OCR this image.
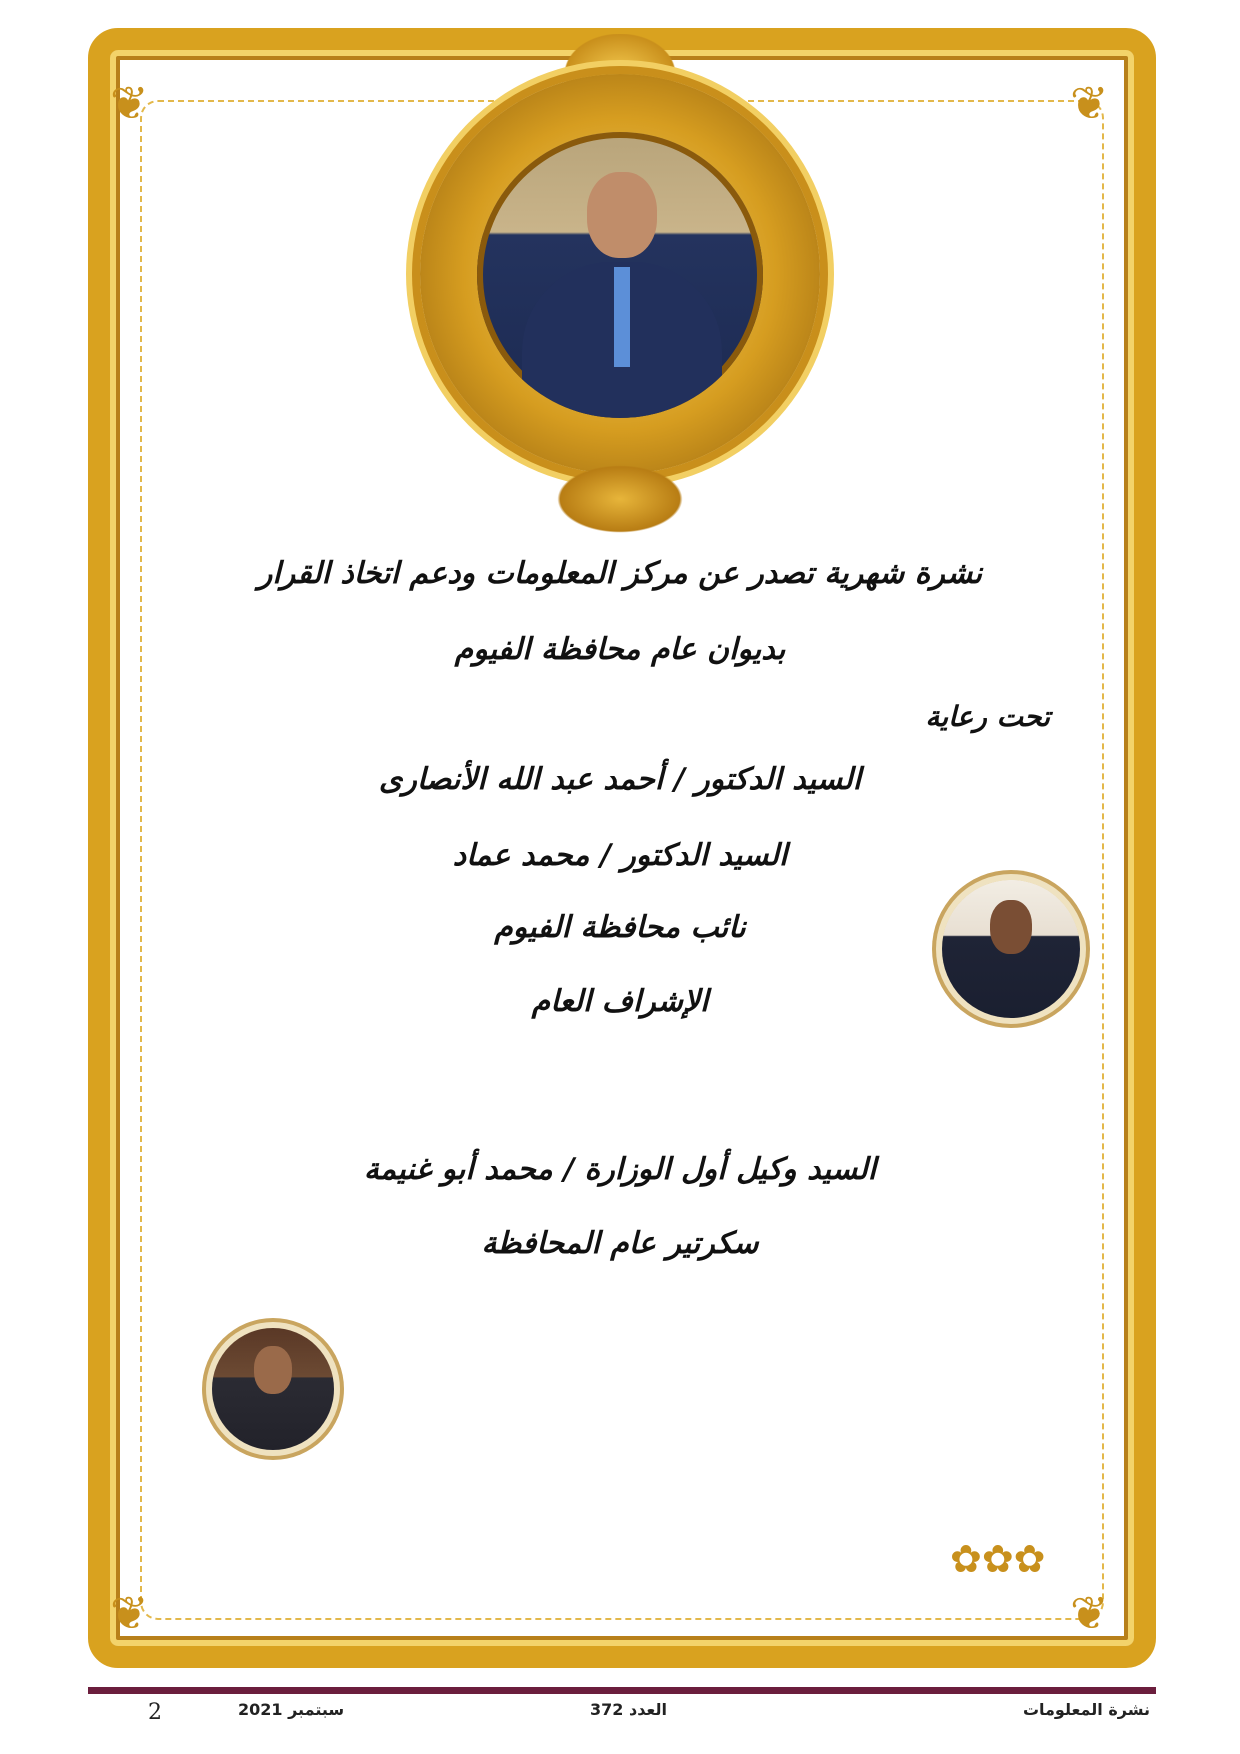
❦	❦
❦	❦
✿✿✿
نشرة شهرية تصدر عن مركز المعلومات ودعم اتخاذ القرار
بديوان عام محافظة الفيوم
تحت رعاية
السيد الدكتور / أحمد عبد الله الأنصارى
السيد الدكتور / محمد عماد
نائب محافظة الفيوم
الإشراف العام
السيد وكيل أول الوزارة / محمد أبو غنيمة
سكرتير عام المحافظة
2	سبتمبر 2021	العدد 372	نشرة المعلومات
